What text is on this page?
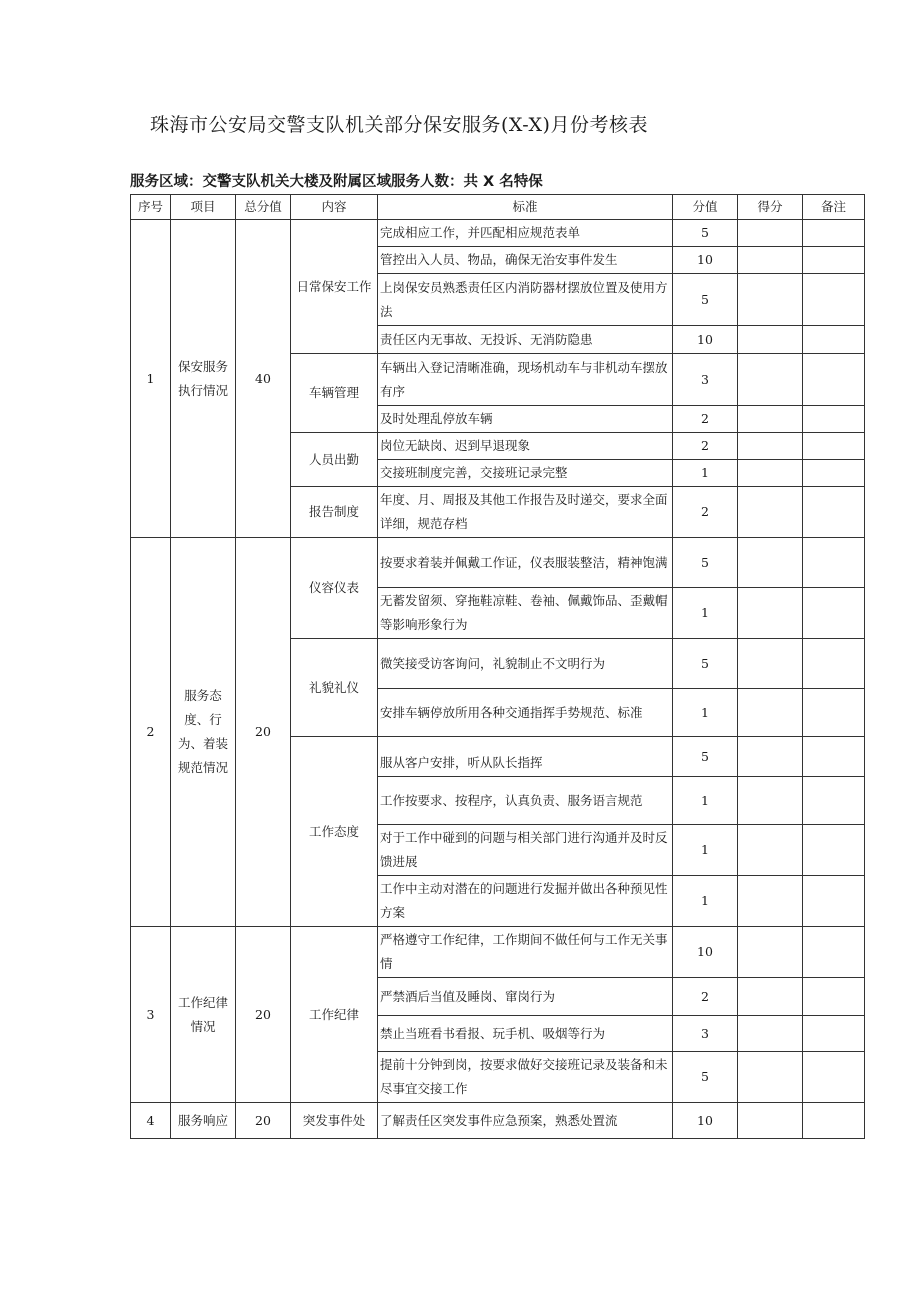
珠海市公安局交警支队机关部分保安服务(X-X)月份考核表
服务区域：交警支队机关大楼及附属区域服务人数：共 X 名特保
序号	项目	总分值	内容	标准	分值	得分	备注
1	保安服务执行情况	40	日常保安工作	完成相应工作，并匹配相应规范表单	5		
				管控出入人员、物品，确保无治安事件发生	10		
				上岗保安员熟悉责任区内消防器材摆放位置及使用方法	5		
				责任区内无事故、无投诉、无消防隐患	10		
			车辆管理	车辆出入登记清晰准确，现场机动车与非机动车摆放有序	3		
				及时处理乱停放车辆	2		
			人员出勤	岗位无缺岗、迟到早退现象	2		
				交接班制度完善，交接班记录完整	1		
			报告制度	年度、月、周报及其他工作报告及时递交，要求全面详细，规范存档	2		
2	服务态度、行为、着装规范情况	20	仪容仪表	按要求着装并佩戴工作证，仪表服装整洁，精神饱满	5		
				无蓄发留须、穿拖鞋凉鞋、卷袖、佩戴饰品、歪戴帽等影响形象行为	1		
			礼貌礼仪	微笑接受访客询问，礼貌制止不文明行为	5		
				安排车辆停放所用各种交通指挥手势规范、标准	1		
			工作态度	服从客户安排，听从队长指挥	5		
				工作按要求、按程序，认真负责、服务语言规范	1		
				对于工作中碰到的问题与相关部门进行沟通并及时反馈进展	1		
				工作中主动对潜在的问题进行发掘并做出各种预见性方案	1		
3	工作纪律情况	20	工作纪律	严格遵守工作纪律，工作期间不做任何与工作无关事情	10		
				严禁酒后当值及睡岗、窜岗行为	2		
				禁止当班看书看报、玩手机、吸烟等行为	3		
				提前十分钟到岗，按要求做好交接班记录及装备和未尽事宜交接工作	5		
4	服务响应	20	突发事件处	了解责任区突发事件应急预案，熟悉处置流	10		
